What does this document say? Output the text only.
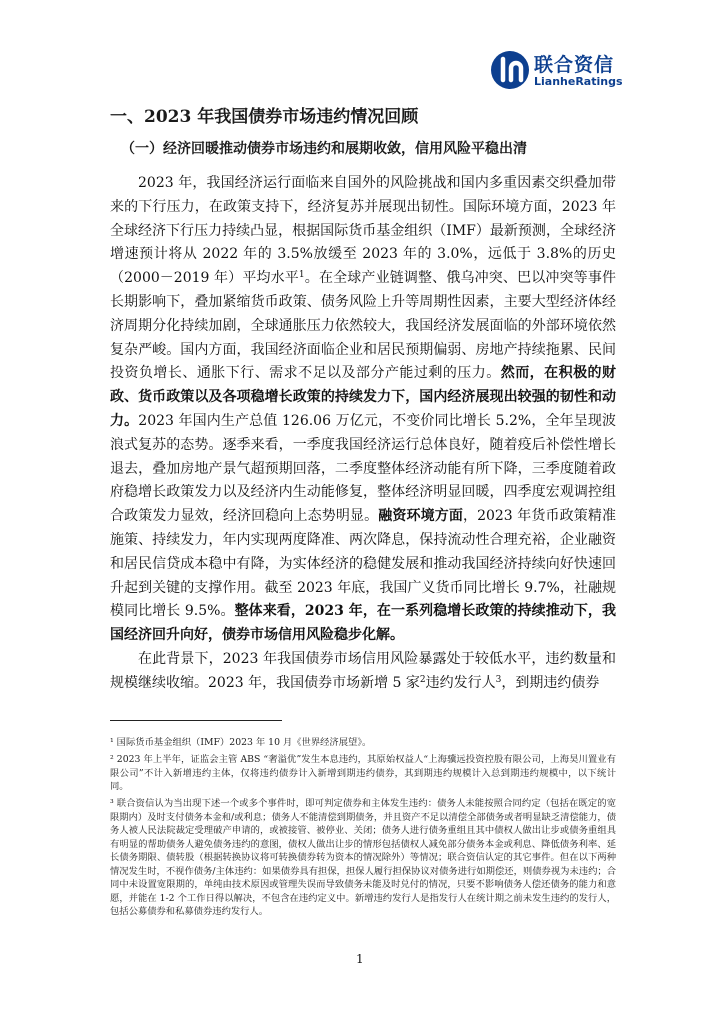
联合资信
LianheRatings
一、2023 年我国债券市场违约情况回顾
（一）经济回暖推动债券市场违约和展期收敛，信用风险平稳出清

2023 年，我国经济运行面临来自国外的风险挑战和国内多重因素交织叠加带来的下行压力，在政策支持下，经济复苏并展现出韧性。国际环境方面，2023 年全球经济下行压力持续凸显，根据国际货币基金组织（IMF）最新预测，全球经济增速预计将从 2022 年的 3.5%放缓至 2023 年的 3.0%，远低于 3.8%的历史（2000－2019 年）平均水平$^1$。在全球产业链调整、俄乌冲突、巴以冲突等事件长期影响下，叠加紧缩货币政策、债务风险上升等周期性因素，主要大型经济体经济周期分化持续加剧，全球通胀压力依然较大，我国经济发展面临的外部环境依然复杂严峻。国内方面，我国经济面临企业和居民预期偏弱、房地产持续拖累、民间投资负增长、通胀下行、需求不足以及部分产能过剩的压力。然而，在积极的财政、货币政策以及各项稳增长政策的持续发力下，国内经济展现出较强的韧性和动力。2023 年国内生产总值 126.06 万亿元，不变价同比增长 5.2%，全年呈现波浪式复苏的态势。逐季来看，一季度我国经济运行总体良好，随着疫后补偿性增长退去，叠加房地产景气超预期回落，二季度整体经济动能有所下降，三季度随着政府稳增长政策发力以及经济内生动能修复，整体经济明显回暖，四季度宏观调控组合政策发力显效，经济回稳向上态势明显。融资环境方面，2023 年货币政策精准施策、持续发力，年内实现两度降准、两次降息，保持流动性合理充裕，企业融资和居民信贷成本稳中有降，为实体经济的稳健发展和推动我国经济持续向好快速回升起到关键的支撑作用。截至 2023 年底，我国广义货币同比增长 9.7%，社融规模同比增长 9.5%。整体来看，2023 年，在一系列稳增长政策的持续推动下，我国经济回升向好，债券市场信用风险稳步化解。

在此背景下，2023 年我国债券市场信用风险暴露处于较低水平，违约数量和规模继续收缩。2023 年，我国债券市场新增 5 家$^2$违约发行人$^3$，到期违约债券

¹ 国际货币基金组织（IMF）2023 年 10 月《世界经济展望》。
² 2023 年上半年，证监会主管 ABS “奢溢优”发生本息违约，其原始权益人“上海骥远投资控股有限公司，上海昊川置业有限公司”不计入新增违约主体，仅将违约债券计入新增到期违约债券，其到期违约规模计入总到期违约规模中，以下统计同。
³ 联合资信认为当出现下述一个或多个事件时，即可判定债券和主体发生违约：债务人未能按照合同约定（包括在既定的宽限期内）及时支付债务本金和/或利息；债务人不能清偿到期债务，并且资产不足以清偿全部债务或者明显缺乏清偿能力，债务人被人民法院裁定受理破产申请的，或被接管、被停业、关闭；债务人进行债务重组且其中债权人做出让步或债务重组具有明显的帮助债务人避免债务违约的意图，债权人做出让步的情形包括债权人减免部分债务本金或利息、降低债务利率、延长债务期限、债转股（根据转换协议将可转换债券转为资本的情况除外）等情况；联合资信认定的其它事件。但在以下两种情况发生时，不视作债务/主体违约：如果债券具有担保，担保人履行担保协议对债务进行如期偿还，则债券视为未违约；合同中未设置宽限期的，单纯由技术原因或管理失误而导致债务未能及时兑付的情况，只要不影响债务人偿还债务的能力和意愿，并能在 1-2 个工作日得以解决，不包含在违约定义中。新增违约发行人是指发行人在统计期之前未发生违约的发行人，包括公募债券和私募债券违约发行人。
1
